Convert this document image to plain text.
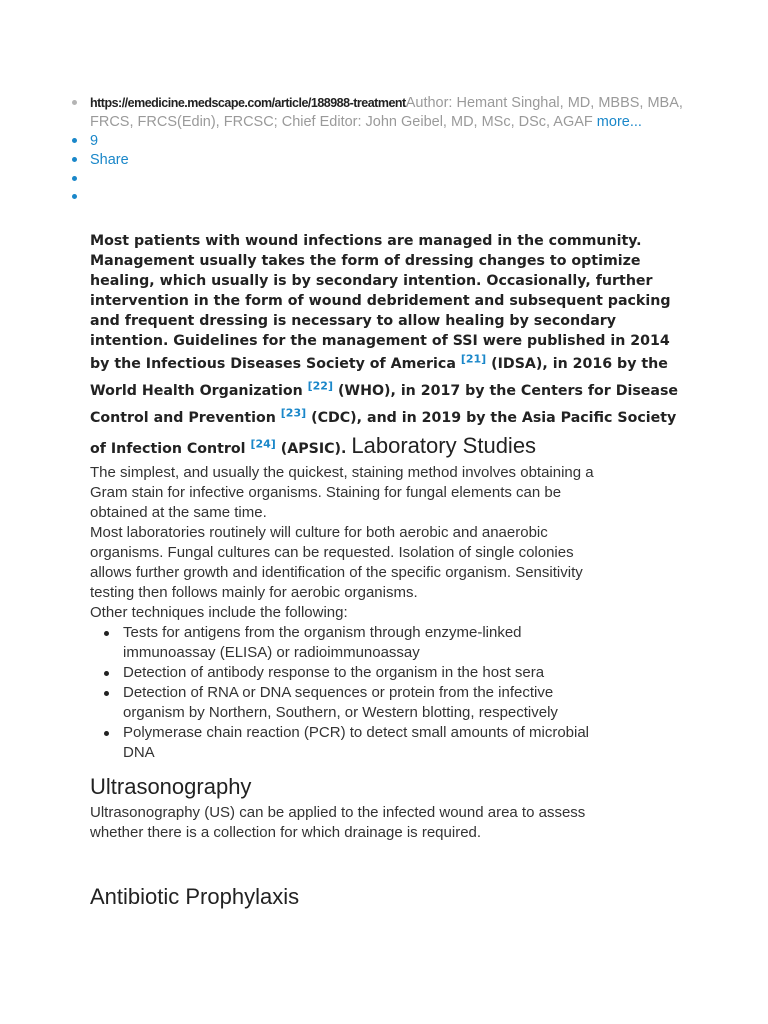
https://emedicine.medscape.com/article/188988-treatmentAuthor: Hemant Singhal, MD, MBBS, MBA, FRCS, FRCS(Edin), FRCSC; Chief Editor: John Geibel, MD, MSc, DSc, AGAF more...
9
Share

Most patients with wound infections are managed in the community.
Management usually takes the form of dressing changes to optimize
healing, which usually is by secondary intention. Occasionally, further
intervention in the form of wound debridement and subsequent packing
and frequent dressing is necessary to allow healing by secondary
intention. Guidelines for the management of SSI were published in 2014
by the Infectious Diseases Society of America [21] (IDSA), in 2016 by the
World Health Organization [22] (WHO), in 2017 by the Centers for Disease
Control and Prevention [23] (CDC), and in 2019 by the Asia Pacific Society
of Infection Control [24] (APSIC). Laboratory Studies

The simplest, and usually the quickest, staining method involves obtaining a
Gram stain for infective organisms. Staining for fungal elements can be
obtained at the same time.

Most laboratories routinely will culture for both aerobic and anaerobic
organisms. Fungal cultures can be requested. Isolation of single colonies
allows further growth and identification of the specific organism. Sensitivity
testing then follows mainly for aerobic organisms.

Other techniques include the following:

Tests for antigens from the organism through enzyme-linked
immunoassay (ELISA) or radioimmunoassay
Detection of antibody response to the organism in the host sera
Detection of RNA or DNA sequences or protein from the infective
organism by Northern, Southern, or Western blotting, respectively
Polymerase chain reaction (PCR) to detect small amounts of microbial
DNA
Ultrasonography

Ultrasonography (US) can be applied to the infected wound area to assess
whether there is a collection for which drainage is required.

Antibiotic Prophylaxis
